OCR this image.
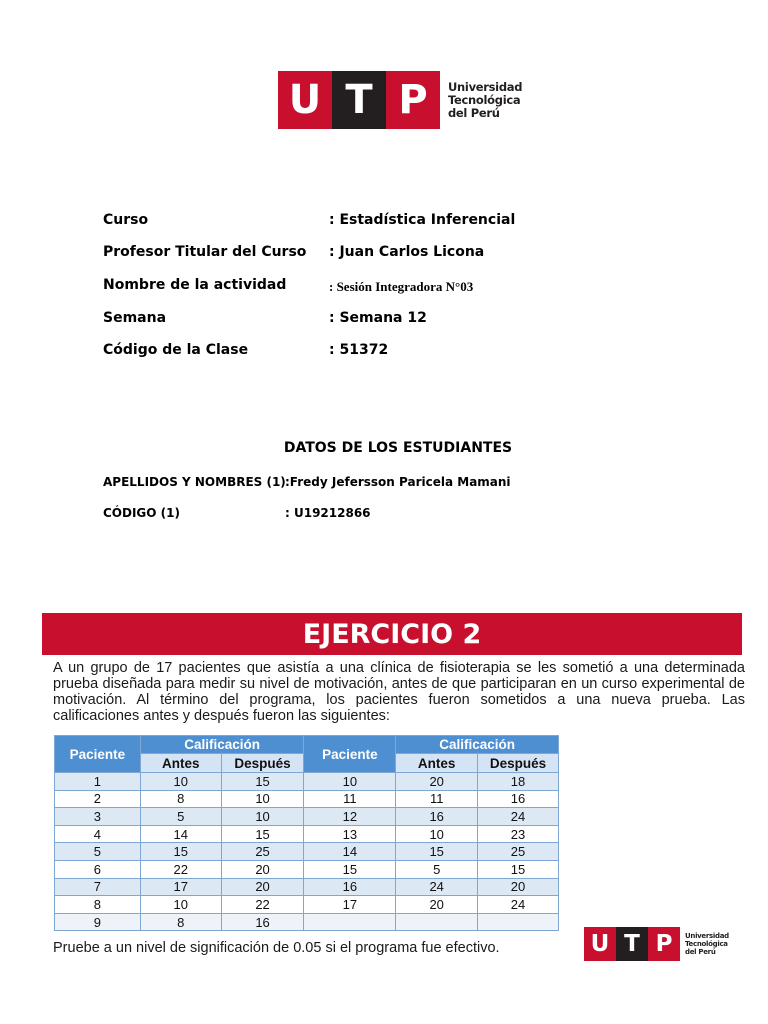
U T P	Universidad
Tecnológica
del Perú
Curso	: Estadística Inferencial
Profesor Titular del Curso : Juan Carlos Licona
Nombre de la actividad	: Sesión Integradora N°03
Semana	: Semana 12
Código de la Clase	: 51372
DATOS DE LOS ESTUDIANTES
APELLIDOS Y NOMBRES (1) :Fredy Jefersson Paricela Mamani
CÓDIGO (1)	: U19212866
EJERCICIO 2
A un grupo de 17 pacientes que asistía a una clínica de fisioterapia se les sometió a una determinada prueba diseñada para medir su nivel de motivación, antes de que participaran en un curso experimental de motivación. Al término del programa, los pacientes fueron sometidos a una nueva prueba. Las calificaciones antes y después fueron las siguientes:
Paciente	Calificación		Paciente	Calificación	
	Antes	Después		Antes	Después
1	10	15	10	20	18
2	8	10	11	11	16
3	5	10	12	16	24
4	14	15	13	10	23
5	15	25	14	15	25
6	22	20	15	5	15
7	17	20	16	24	20
8	10	22	17	20	24
9	8	16			
Pruebe a un nivel de significación de 0.05 si el programa fue efectivo.	U T P	Universidad
Tecnológica
del Perú
